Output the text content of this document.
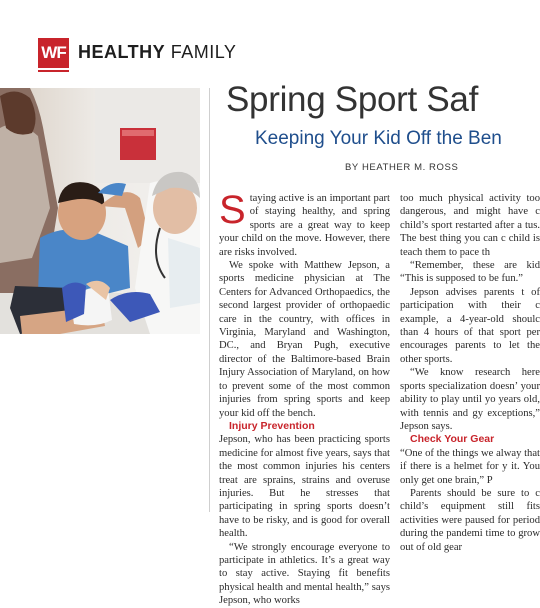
WF HEALTHY FAMILY
Spring Sport Saf
Keeping Your Kid Off the Ben
BY HEATHER M. ROSS

Staying active is an important part of staying healthy, and spring sports are a great way to keep your child on the move. However, there are risks involved.

We spoke with Matthew Jepson, a sports medicine physician at The Centers for Advanced Orthopaedics, the second largest provider of orthopaedic care in the country, with offices in Virginia, Maryland and Washington, DC., and Bryan Pugh, executive director of the Baltimore-based Brain Injury Association of Maryland, on how to prevent some of the most common injuries from spring sports and keep your kid off the bench.

Injury Prevention

Jepson, who has been practicing sports medicine for almost five years, says that the most common injuries his centers treat are sprains, strains and overuse injuries. But he stresses that participating in spring sports doesn’t have to be risky, and is good for overall health.

“We strongly encourage everyone to participate in athletics. It’s a great way to stay active. Staying fit benefits physical health and mental health,” says Jepson, who works

too much physical activity too dangerous, and might have c child’s sport restarted after a tus. The best thing you can c child is teach them to pace th

“Remember, these are kid “This is supposed to be fun.”

Jepson advises parents t of participation with their c example, a 4-year-old shoulc than 4 hours of that sport per encourages parents to let the other sports.

“We know research here sports specialization doesn’ your ability to play until yo years old, with tennis and gy exceptions,” Jepson says.

Check Your Gear

“One of the things we alway that if there is a helmet for y it. You only get one brain,” P

Parents should be sure to c child’s equipment still fits activities were paused for period during the pandemi time to grow out of old gear
